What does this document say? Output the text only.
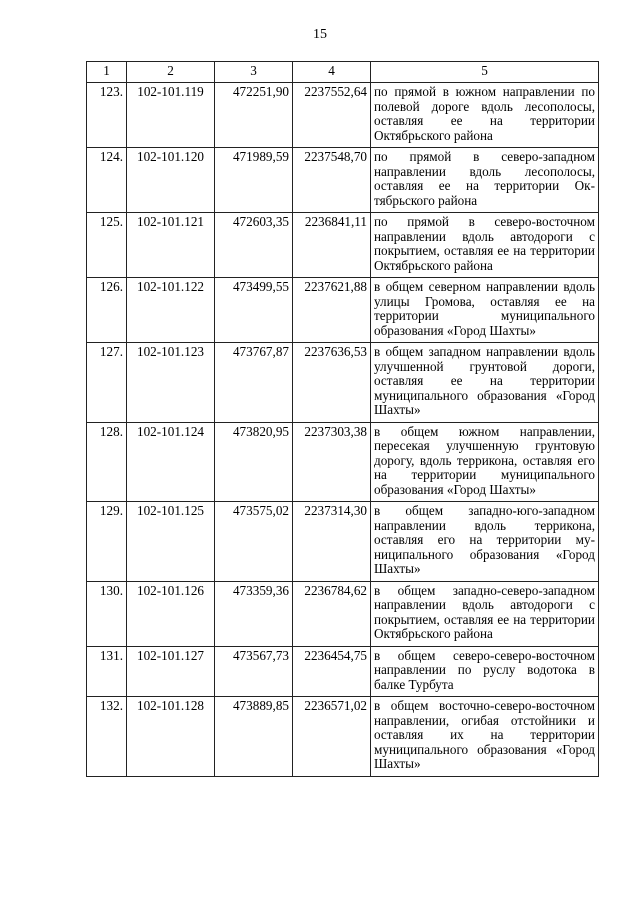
15
1	2	3	4	5
123.	102-101.119	472251,90	2237552,64	по прямой в южном направлении по полевой дороге вдоль лесополосы, оставляя ее на территории Октябрьского района
124.	102-101.120	471989,59	2237548,70	по прямой в северо-западном направлении вдоль лесополосы, оставляя ее на территории Октябрьского района
125.	102-101.121	472603,35	2236841,11	по прямой в северо-восточном направлении вдоль автодороги с покрытием, оставляя ее на территории Октябрьского района
126.	102-101.122	473499,55	2237621,88	в общем северном направлении вдоль улицы Громова, оставляя ее на территории муниципального образования «Город Шахты»
127.	102-101.123	473767,87	2237636,53	в общем западном направлении вдоль улучшенной грунтовой дороги, оставляя ее на территории муниципального образования «Город Шахты»
128.	102-101.124	473820,95	2237303,38	в общем южном направлении, пересекая улучшенную грунтовую дорогу, вдоль терриконa, оставляя его на территории муниципального образования «Город Шахты»
129.	102-101.125	473575,02	2237314,30	в общем западно-юго-западном направлении вдоль терриконa, оставляя его на территории муниципального образования «Город Шахты»
130.	102-101.126	473359,36	2236784,62	в общем западно-северо-западном направлении вдоль автодороги с покрытием, оставляя ее на территории Октябрьского района
131.	102-101.127	473567,73	2236454,75	в общем северо-северо-восточном направлении по руслу водотока в балке Турбута
132.	102-101.128	473889,85	2236571,02	в общем восточно-северо-восточном направлении, огибая отстойники и оставляя их на территории муниципального образования «Город Шахты»
